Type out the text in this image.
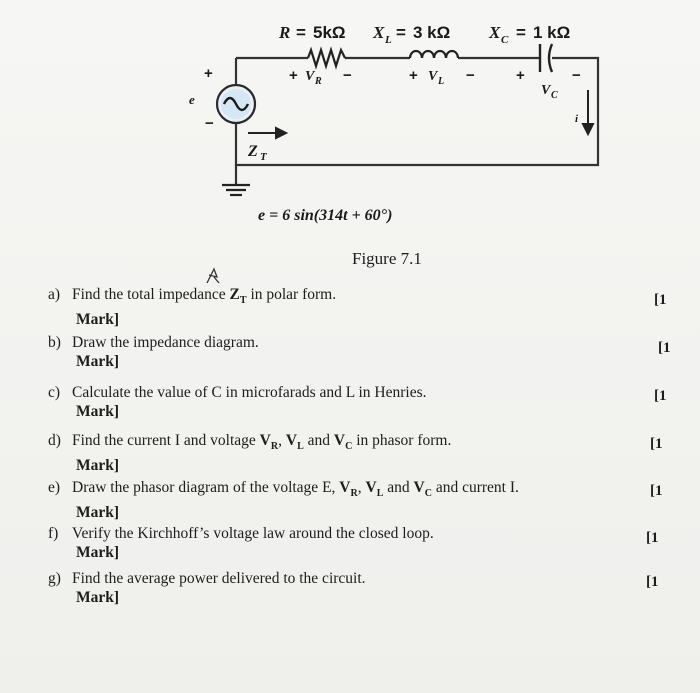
R = 5kΩ X L = 3 kΩ X C = 1 kΩ
+ V R −	+ V L −	+
V C
−
+
−
e
i
Z T
e = 6 sin(314t + 60°)
Figure 7.1
a) Find the total impedance $Z_T$ in polar form.
Mark]
[1
b) Draw the impedance diagram.
Mark]
[1
c) Calculate the value of C in microfarads and L in Henries.
Mark]
[1
d) Find the current I and voltage $V_R$, $V_L$ and $V_C$ in phasor form.
Mark]
[1
e) Draw the phasor diagram of the voltage E, $V_R$, $V_L$ and $V_C$ and current I.
Mark]
[1
f) Verify the Kirchhoff’s voltage law around the closed loop.
Mark]
[1
g) Find the average power delivered to the circuit.
Mark]
[1
